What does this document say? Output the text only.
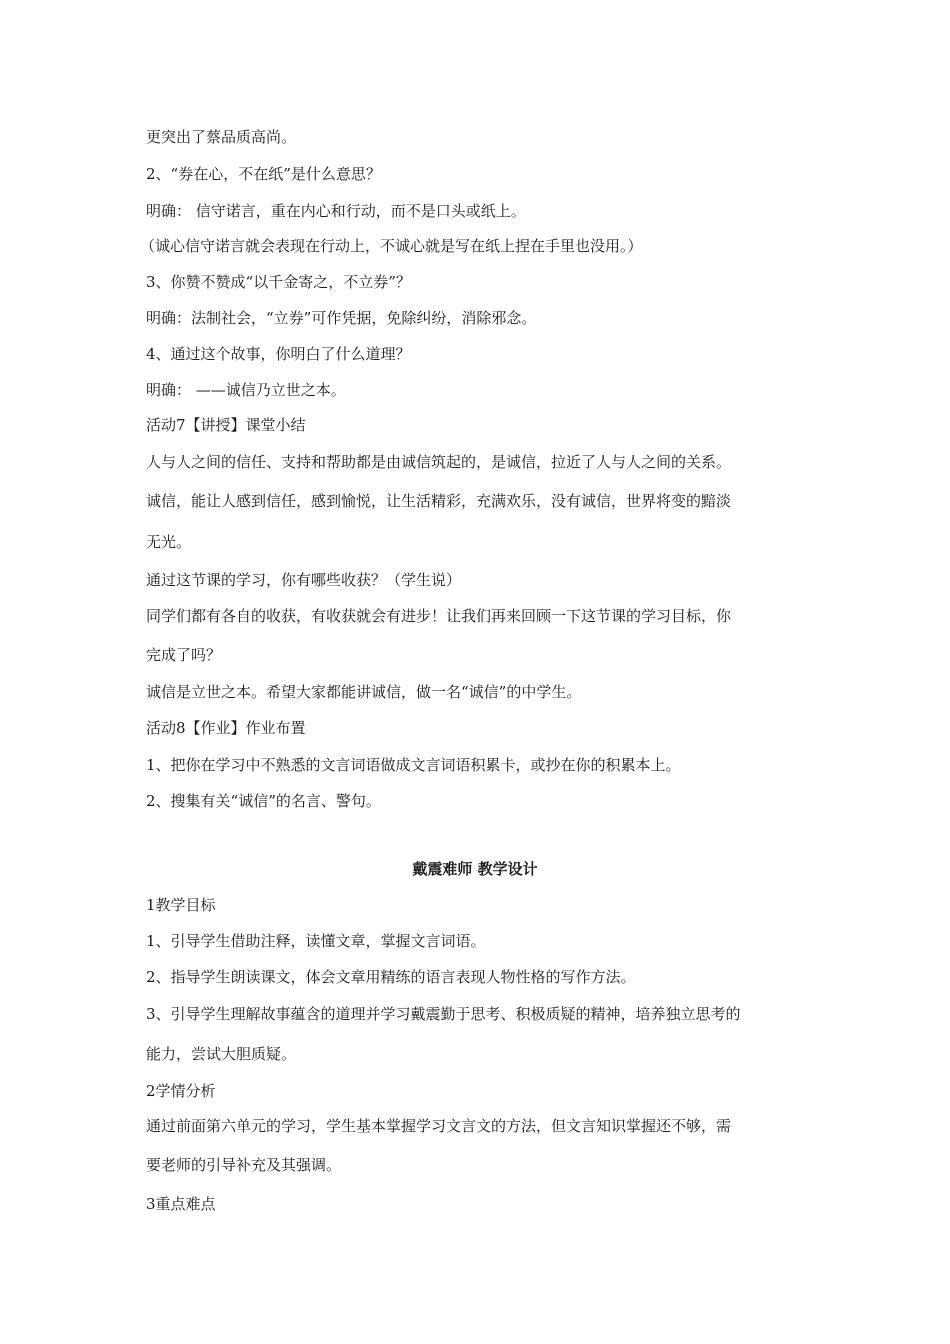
更突出了蔡品质高尚。

2、“券在心，不在纸”是什么意思？

明确： 信守诺言，重在内心和行动，而不是口头或纸上。

（诚心信守诺言就会表现在行动上，不诚心就是写在纸上捏在手里也没用。）

3、你赞不赞成“以千金寄之，不立券”？

明确：法制社会，“立券”可作凭据，免除纠纷，消除邪念。

4、通过这个故事，你明白了什么道理？

明确： ——诚信乃立世之本。

活动7【讲授】课堂小结

人与人之间的信任、支持和帮助都是由诚信筑起的，是诚信，拉近了人与人之间的关系。

诚信，能让人感到信任，感到愉悦，让生活精彩，充满欢乐，没有诚信，世界将变的黯淡

无光。

通过这节课的学习，你有哪些收获？（学生说）

同学们都有各自的收获，有收获就会有进步！让我们再来回顾一下这节课的学习目标，你

完成了吗？

诚信是立世之本。希望大家都能讲诚信，做一名“诚信”的中学生。

活动8【作业】作业布置

1、把你在学习中不熟悉的文言词语做成文言词语积累卡，或抄在你的积累本上。

2、搜集有关“诚信”的名言、警句。

戴震难师 教学设计

1教学目标

1、引导学生借助注释，读懂文章，掌握文言词语。

2、指导学生朗读课文，体会文章用精练的语言表现人物性格的写作方法。

3、引导学生理解故事蕴含的道理并学习戴震勤于思考、积极质疑的精神，培养独立思考的

能力，尝试大胆质疑。

2学情分析

通过前面第六单元的学习，学生基本掌握学习文言文的方法，但文言知识掌握还不够，需

要老师的引导补充及其强调。

3重点难点
